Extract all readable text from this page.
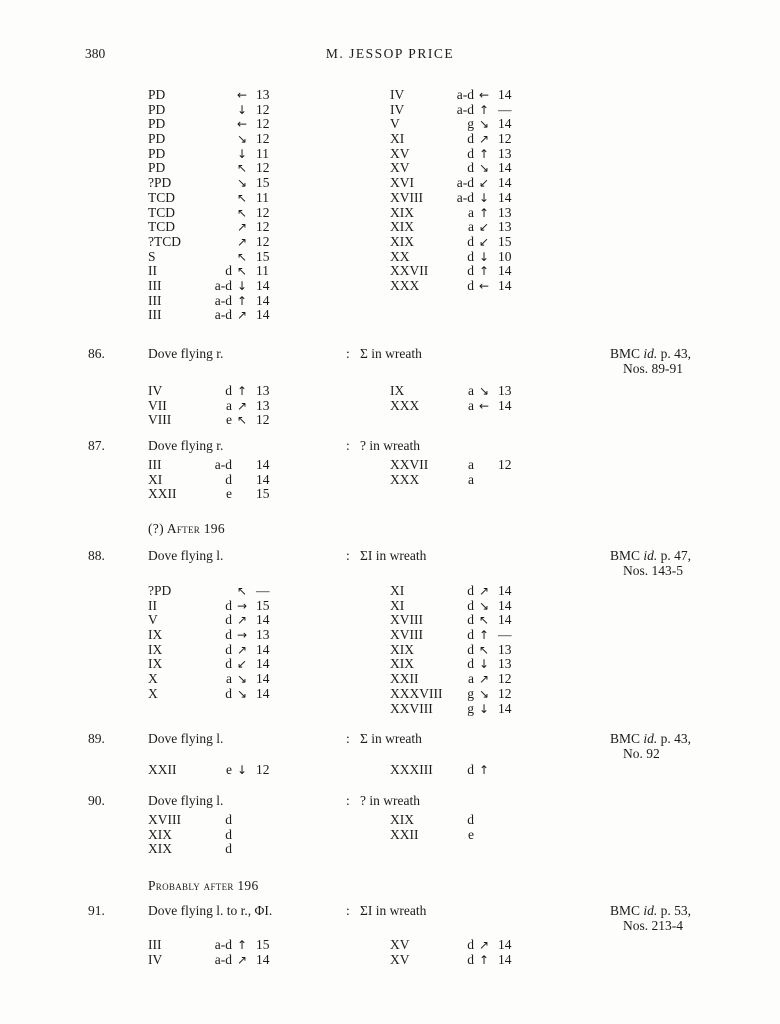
380	M. JESSOP PRICE
PD	← 13
PD	↓ 12
PD	← 12
PD	↘ 12
PD	↓ 11
PD	↖ 12
?PD	↘ 15
TCD	↖ 11
TCD	↖ 12
TCD	↗ 12
?TCD	↗ 12
S	↖ 15
II	d ↖ 11
III	a-d ↓ 14
III	a-d ↑ 14
III	a-d ↗ 14
IV	a-d ← 14
IV	a-d ↑ —
V	g ↘ 14
XI	d ↗ 12
XV	d ↑ 13
XV	d ↘ 14
XVI	a-d ↙ 14
XVIII	a-d ↓ 14
XIX	a ↑ 13
XIX	a ↙ 13
XIX	d ↙ 15
XX	d ↓ 10
XXVII	d ↑ 14
XXX	d ← 14
86.	Dove flying r.	: Σ in wreath	BMC id. p. 43,
Nos. 89-91
IV	d ↑ 13
VII	a ↗ 13
VIII	e ↖ 12
IX	a ↘ 13
XXX	a ← 14
87.	Dove flying r.	: ? in wreath
III	a-d 14
XI	d 14
XXII	e 15
XXVII	a 12
XXX	a
(?) After 196
88.	Dove flying l.	: ΣΙ in wreath	BMC id. p. 47,
Nos. 143-5
?PD	↖ —
II	d → 15
V	d ↗ 14
IX	d → 13
IX	d ↗ 14
IX	d ↙ 14
X	a ↘ 14
X	d ↘ 14
XI	d ↗ 14
XI	d ↘ 14
XVIII	d ↖ 14
XVIII	d ↑ —
XIX	d ↖ 13
XIX	d ↓ 13
XXII	a ↗ 12
XXXVIII	g ↘ 12
XXVIII	g ↓ 14
89.	Dove flying l.	: Σ in wreath	BMC id. p. 43,
No. 92
XXII	e ↓ 12	XXXIII	d ↑
90.	Dove flying l.	: ? in wreath
XVIII	d
XIX	d
XIX	d
XIX	d
XXII	e
Probably after 196
91.	Dove flying l. to r., ΦΙ.	: ΣΙ in wreath	BMC id. p. 53,
Nos. 213-4
III	a-d ↑ 15
IV	a-d ↗ 14
XV	d ↗ 14
XV	d ↑ 14
